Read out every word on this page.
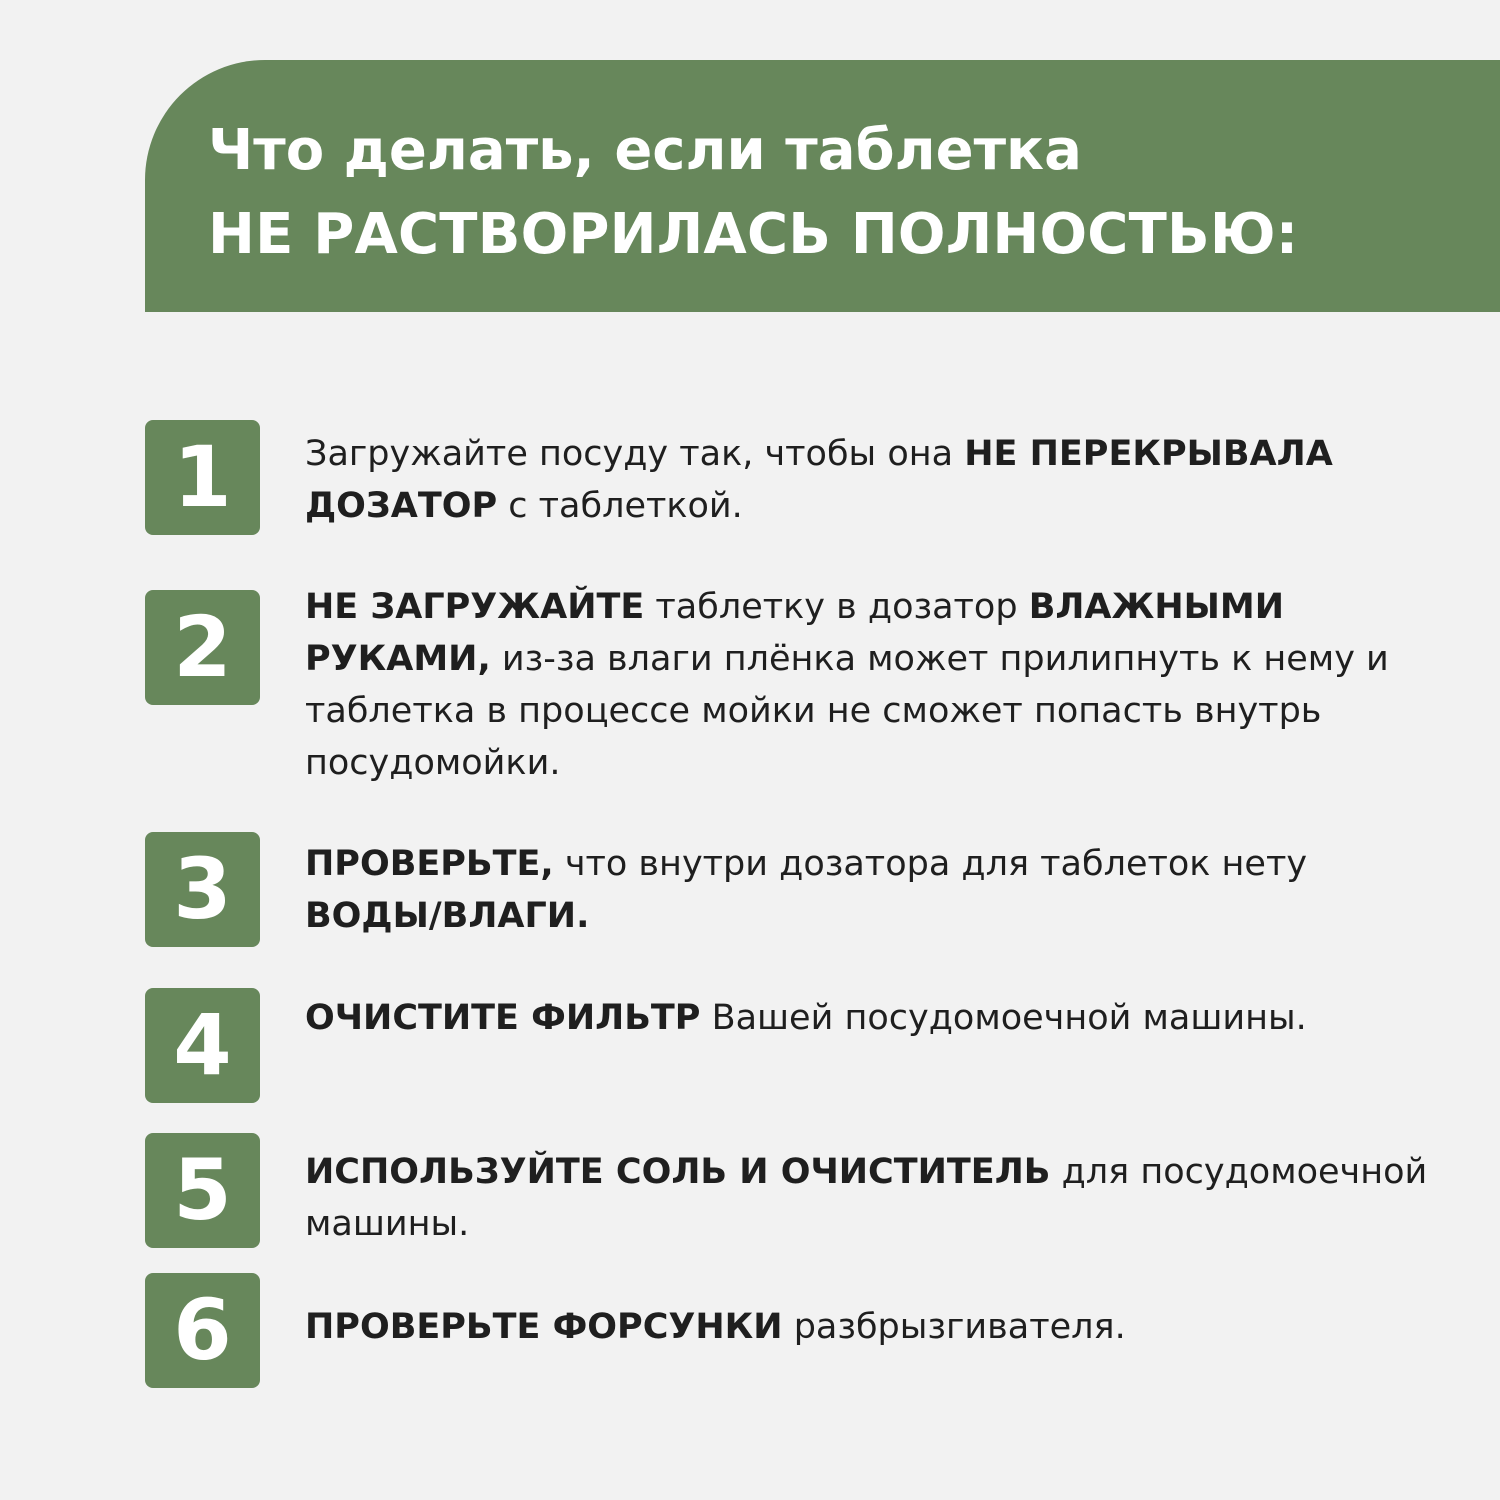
Что делать, если таблетка
НЕ РАСТВОРИЛАСЬ ПОЛНОСТЬЮ:
1	Загружайте посуду так, чтобы она НЕ ПЕРЕКРЫВАЛА ДОЗАТОР с таблеткой.
2	НЕ ЗАГРУЖАЙТЕ таблетку в дозатор ВЛАЖНЫМИ РУКАМИ, из-за влаги плёнка может прилипнуть к нему и таблетка в процессе мойки не сможет попасть внутрь посудомойки.
3	ПРОВЕРЬТЕ, что внутри дозатора для таблеток нету ВОДЫ/ВЛАГИ.
4	ОЧИСТИТЕ ФИЛЬТР Вашей посудомоечной машины.
5	ИСПОЛЬЗУЙТЕ СОЛЬ И ОЧИСТИТЕЛЬ для посудомоечной машины.
6	ПРОВЕРЬТЕ ФОРСУНКИ разбрызгивателя.
